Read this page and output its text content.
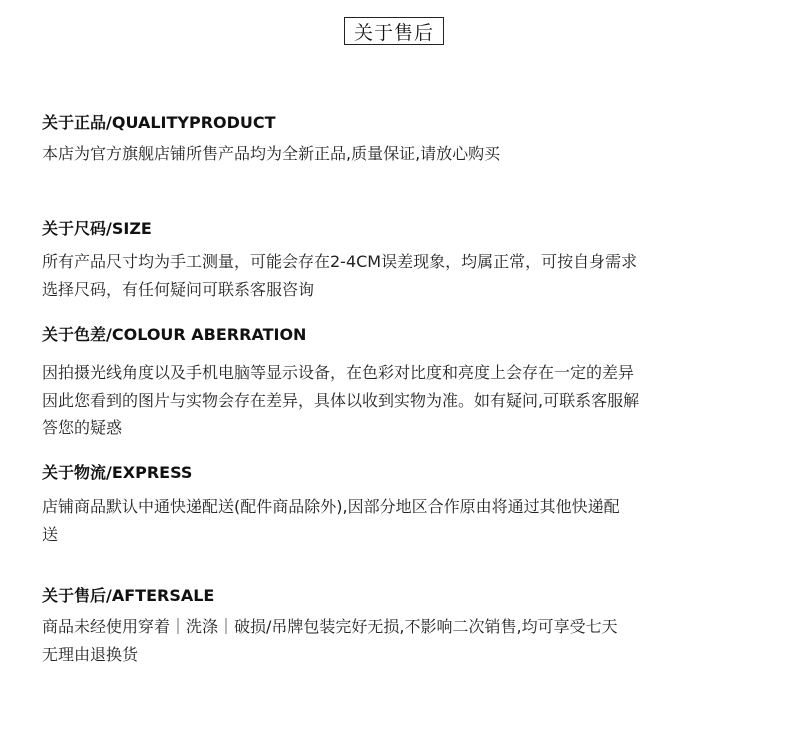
关于售后
关于正品/QUALITYPRODUCT
本店为官方旗舰店铺所售产品均为全新正品,质量保证,请放心购买
关于尺码/SIZE
所有产品尺寸均为手工测量，可能会存在2-4CM误差现象，均属正常，可按自身需求
选择尺码，有任何疑问可联系客服咨询
关于色差/COLOUR ABERRATION
因拍摄光线角度以及手机电脑等显示设备，在色彩对比度和亮度上会存在一定的差异
因此您看到的图片与实物会存在差异，具体以收到实物为准。如有疑问,可联系客服解
答您的疑惑
关于物流/EXPRESS
店铺商品默认中通快递配送(配件商品除外),因部分地区合作原由将通过其他快递配
送
关于售后/AFTERSALE
商品未经使用穿着｜洗涤｜破损/吊牌包装完好无损,不影响二次销售,均可享受七天
无理由退换货
